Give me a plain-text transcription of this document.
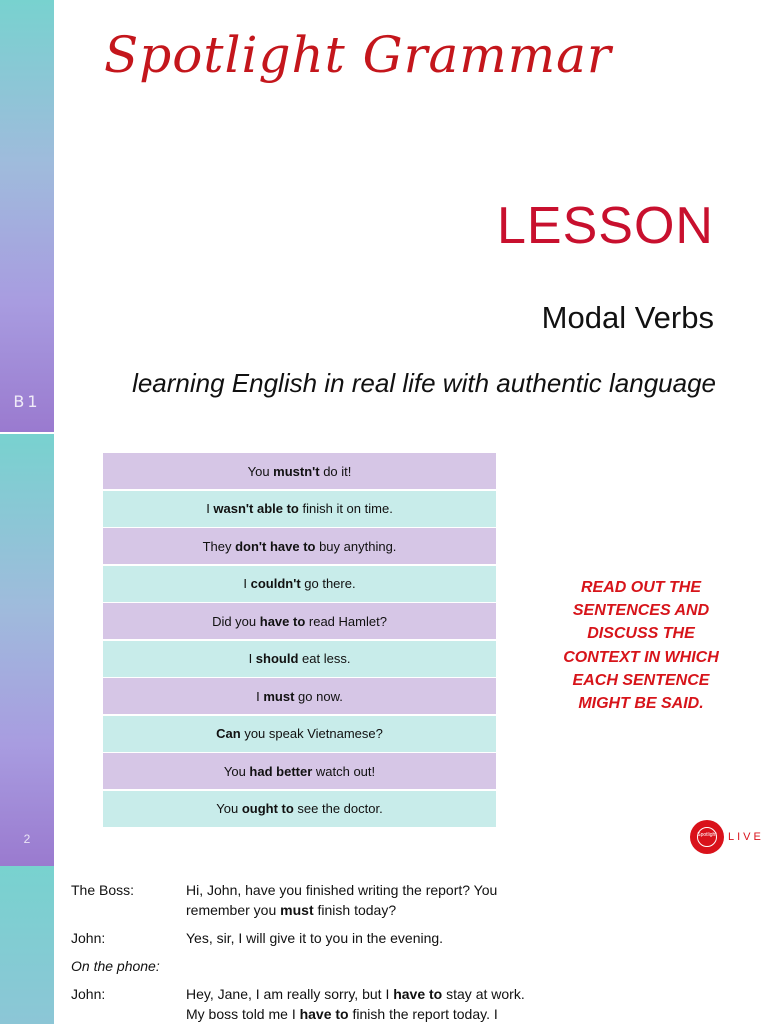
B1
2
Spotlight Grammar
LESSON
Modal Verbs
learning English in real life with authentic language
You mustn't do it!
I wasn't able to finish it on time.
They don't have to buy anything.
I couldn't go there.
Did you have to read Hamlet?
I should eat less.
I must go now.
Can you speak Vietnamese?
You had better watch out!
You ought to see the doctor.
READ OUT THE SENTENCES AND DISCUSS THE CONTEXT IN WHICH EACH SENTENCE MIGHT BE SAID.
Spotlight	LIVE
The Boss:	Hi, John, have you finished writing the report? You remember you must finish today?
John:	Yes, sir, I will give it to you in the evening.
On the phone:
John:	Hey, Jane, I am really sorry, but I have to stay at work. My boss told me I have to finish the report today. I
